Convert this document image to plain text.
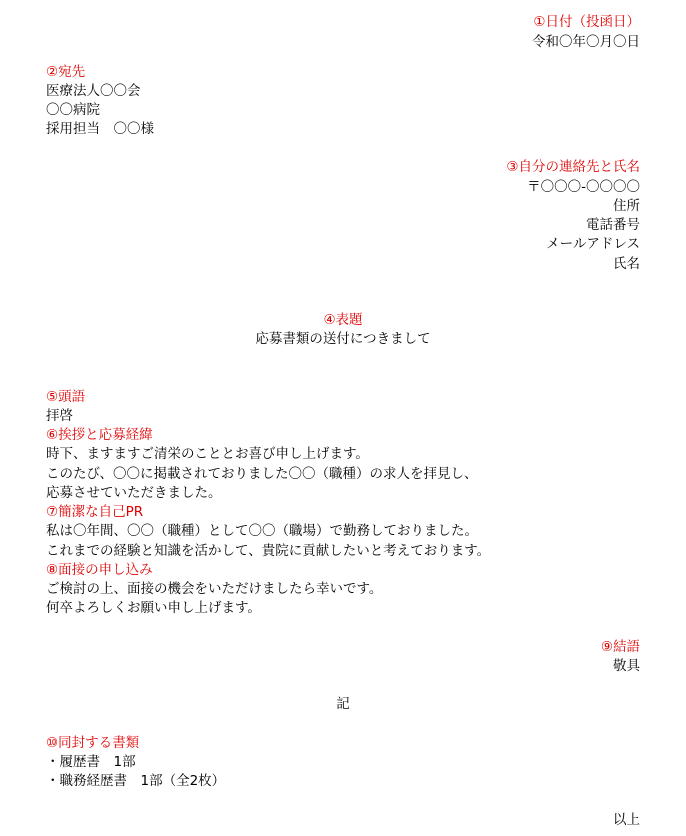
①日付（投函日）
令和〇年〇月〇日
②宛先
医療法人〇〇会
〇〇病院
採用担当　〇〇様
③自分の連絡先と氏名
〒〇〇〇-〇〇〇〇
住所
電話番号
メールアドレス
氏名
④表題
応募書類の送付につきまして
⑤頭語
拝啓
⑥挨拶と応募経緯
時下、ますますご清栄のこととお喜び申し上げます。
このたび、〇〇に掲載されておりました〇〇（職種）の求人を拝見し、
応募させていただきました。
⑦簡潔な自己PR
私は〇年間、〇〇（職種）として〇〇（職場）で勤務しておりました。
これまでの経験と知識を活かして、貴院に貢献したいと考えております。
⑧面接の申し込み
ご検討の上、面接の機会をいただけましたら幸いです。
何卒よろしくお願い申し上げます。
⑨結語
敬具
記
⑩同封する書類
・履歴書　1部
・職務経歴書　1部（全2枚）
以上
